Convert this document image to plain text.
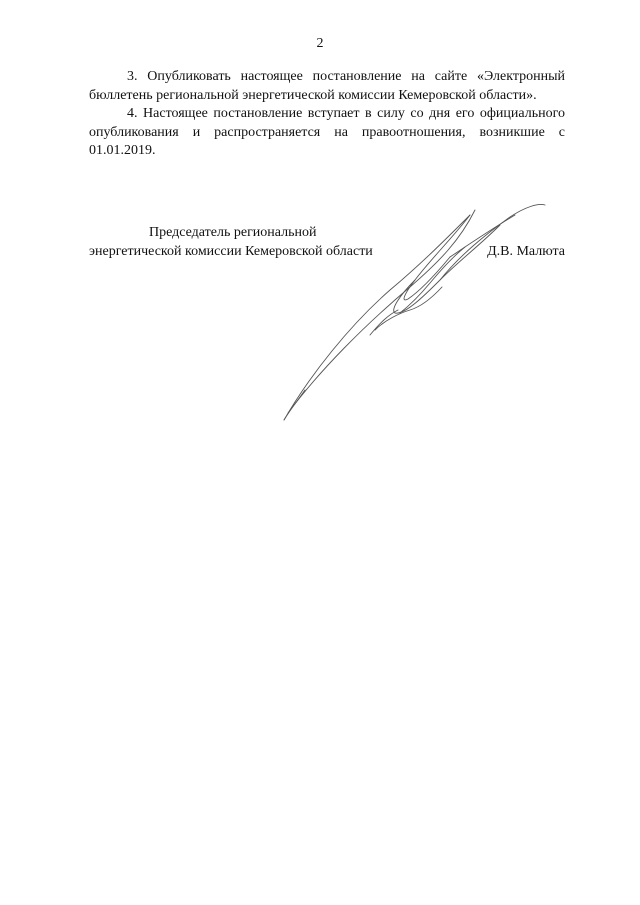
2

3. Опубликовать настоящее постановление на сайте «Электронный бюллетень региональной энергетической комиссии Кемеровской области».

4. Настоящее постановление вступает в силу со дня его официального опубликования и распространяется на правоотношения, возникшие с 01.01.2019.

Председатель региональной
энергетической комиссии Кемеровской области	Д.В. Малюта
